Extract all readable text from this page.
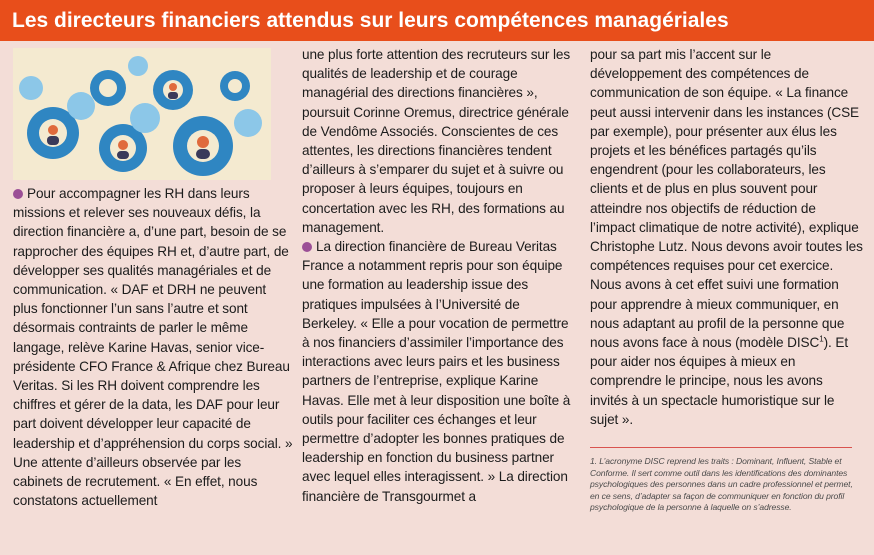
Les directeurs financiers attendus sur leurs compétences managériales

Pour accompagner les RH dans leurs missions et relever ses nouveaux défis, la direction financière a, d’une part, besoin de se rapprocher des équipes RH et, d’autre part, de développer ses qualités managériales et de communication. « DAF et DRH ne peuvent plus fonctionner l’un sans l’autre et sont désormais contraints de parler le même langage, relève Karine Havas, senior vice-présidente CFO France & Afrique chez Bureau Veritas. Si les RH doivent comprendre les chiffres et gérer de la data, les DAF pour leur part doivent développer leur capacité de leadership et d’appréhension du corps social. » Une attente d’ailleurs observée par les cabinets de recrutement. « En effet, nous constatons actuellement

une plus forte attention des recruteurs sur les qualités de leadership et de courage managérial des directions financières », poursuit Corinne Oremus, directrice générale de Vendôme Associés. Conscientes de ces attentes, les directions financières tendent d’ailleurs à s’emparer du sujet et à suivre ou proposer à leurs équipes, toujours en concertation avec les RH, des formations au management.

La direction financière de Bureau Veritas France a notamment repris pour son équipe une formation au leadership issue des pratiques impulsées à l’Université de Berkeley. « Elle a pour vocation de permettre à nos financiers d’assimiler l’importance des interactions avec leurs pairs et les business partners de l’entreprise, explique Karine Havas. Elle met à leur disposition une boîte à outils pour faciliter ces échanges et leur permettre d’adopter les bonnes pratiques de leadership en fonction du business partner avec lequel elles interagissent. » La direction financière de Transgourmet a

pour sa part mis l’accent sur le développement des compétences de communication de son équipe. « La finance peut aussi intervenir dans les instances (CSE par exemple), pour présenter aux élus les projets et les bénéfices partagés qu’ils engendrent (pour les collaborateurs, les clients et de plus en plus souvent pour atteindre nos objectifs de réduction de l’impact climatique de notre activité), explique Christophe Lutz. Nous devons avoir toutes les compétences requises pour cet exercice. Nous avons à cet effet suivi une formation pour apprendre à mieux communiquer, en nous adaptant au profil de la personne que nous avons face à nous (modèle DISC$^1$). Et pour aider nos équipes à mieux en comprendre le principe, nous les avons invités à un spectacle humoristique sur le sujet ».

1. L’acronyme DISC reprend les traits : Dominant, Influent, Stable et Conforme. Il sert comme outil dans les identifications des dominantes psychologiques des personnes dans un cadre professionnel et permet, en ce sens, d’adapter sa façon de communiquer en fonction du profil psychologique de la personne à laquelle on s’adresse.
